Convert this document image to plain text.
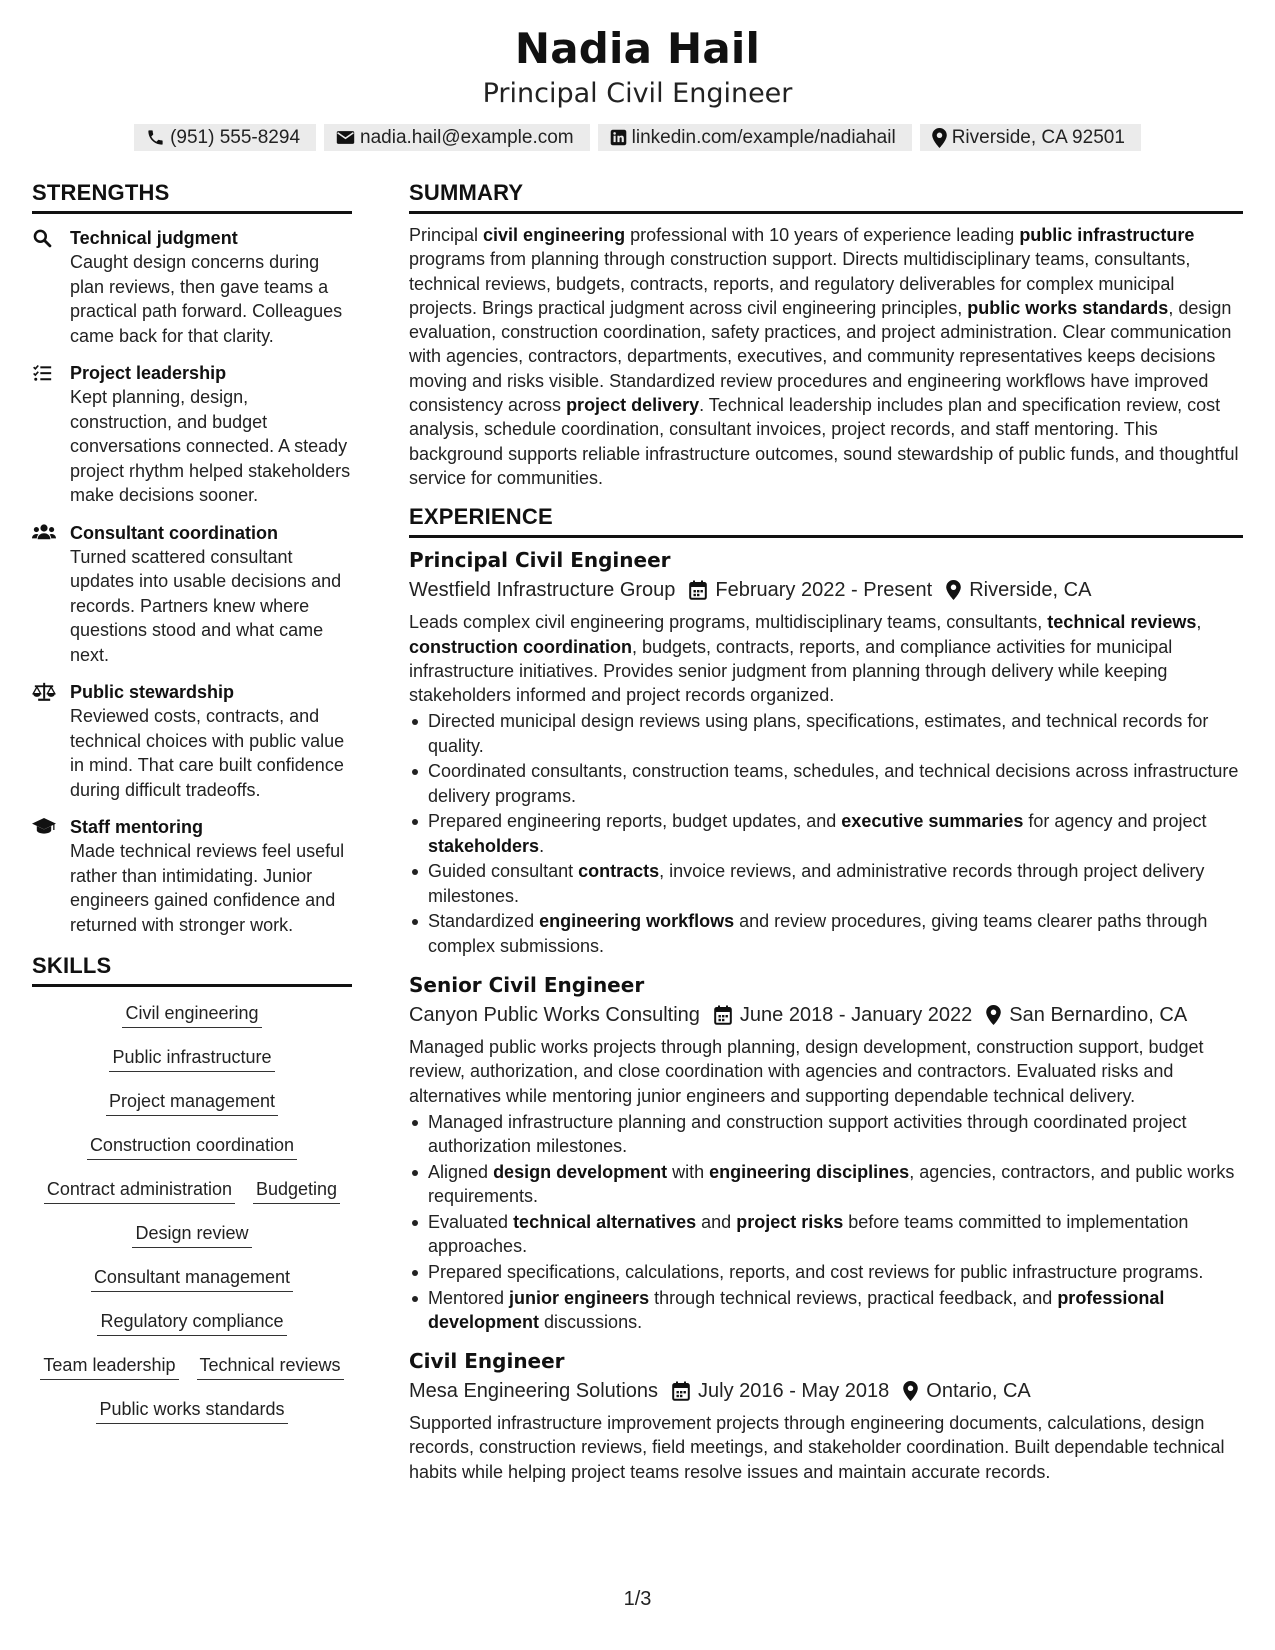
Nadia Hail
Principal Civil Engineer
(951) 555-8294	nadia.hail@example.com	linkedin.com/example/nadiahail	Riverside, CA 92501
STRENGTHS
Technical judgment
Caught design concerns during plan reviews, then gave teams a practical path forward. Colleagues came back for that clarity.
Project leadership
Kept planning, design, construction, and budget conversations connected. A steady project rhythm helped stakeholders make decisions sooner.
Consultant coordination
Turned scattered consultant updates into usable decisions and records. Partners knew where questions stood and what came next.
Public stewardship
Reviewed costs, contracts, and technical choices with public value in mind. That care built confidence during difficult tradeoffs.
Staff mentoring
Made technical reviews feel useful rather than intimidating. Junior engineers gained confidence and returned with stronger work.
SKILLS
Civil engineering
Public infrastructure
Project management
Construction coordination
Contract administration Budgeting
Design review
Consultant management
Regulatory compliance
Team leadership Technical reviews
Public works standards
SUMMARY
Principal civil engineering professional with 10 years of experience leading public infrastructure programs from planning through construction support. Directs multidisciplinary teams, consultants, technical reviews, budgets, contracts, reports, and regulatory deliverables for complex municipal projects. Brings practical judgment across civil engineering principles, public works standards, design evaluation, construction coordination, safety practices, and project administration. Clear communication with agencies, contractors, departments, executives, and community representatives keeps decisions moving and risks visible. Standardized review procedures and engineering workflows have improved consistency across project delivery. Technical leadership includes plan and specification review, cost analysis, schedule coordination, consultant invoices, project records, and staff mentoring. This background supports reliable infrastructure outcomes, sound stewardship of public funds, and thoughtful service for communities.
EXPERIENCE
Principal Civil Engineer
Westfield Infrastructure Group February 2022 - Present Riverside, CA
Leads complex civil engineering programs, multidisciplinary teams, consultants, technical reviews, construction coordination, budgets, contracts, reports, and compliance activities for municipal infrastructure initiatives. Provides senior judgment from planning through delivery while keeping stakeholders informed and project records organized.
Directed municipal design reviews using plans, specifications, estimates, and technical records for quality.
Coordinated consultants, construction teams, schedules, and technical decisions across infrastructure delivery programs.
Prepared engineering reports, budget updates, and executive summaries for agency and project stakeholders.
Guided consultant contracts, invoice reviews, and administrative records through project delivery milestones.
Standardized engineering workflows and review procedures, giving teams clearer paths through complex submissions.
Senior Civil Engineer
Canyon Public Works Consulting June 2018 - January 2022 San Bernardino, CA
Managed public works projects through planning, design development, construction support, budget review, authorization, and close coordination with agencies and contractors. Evaluated risks and alternatives while mentoring junior engineers and supporting dependable technical delivery.
Managed infrastructure planning and construction support activities through coordinated project authorization milestones.
Aligned design development with engineering disciplines, agencies, contractors, and public works requirements.
Evaluated technical alternatives and project risks before teams committed to implementation approaches.
Prepared specifications, calculations, reports, and cost reviews for public infrastructure programs.
Mentored junior engineers through technical reviews, practical feedback, and professional development discussions.
Civil Engineer
Mesa Engineering Solutions July 2016 - May 2018 Ontario, CA
Supported infrastructure improvement projects through engineering documents, calculations, design records, construction reviews, field meetings, and stakeholder coordination. Built dependable technical habits while helping project teams resolve issues and maintain accurate records.
1/3
